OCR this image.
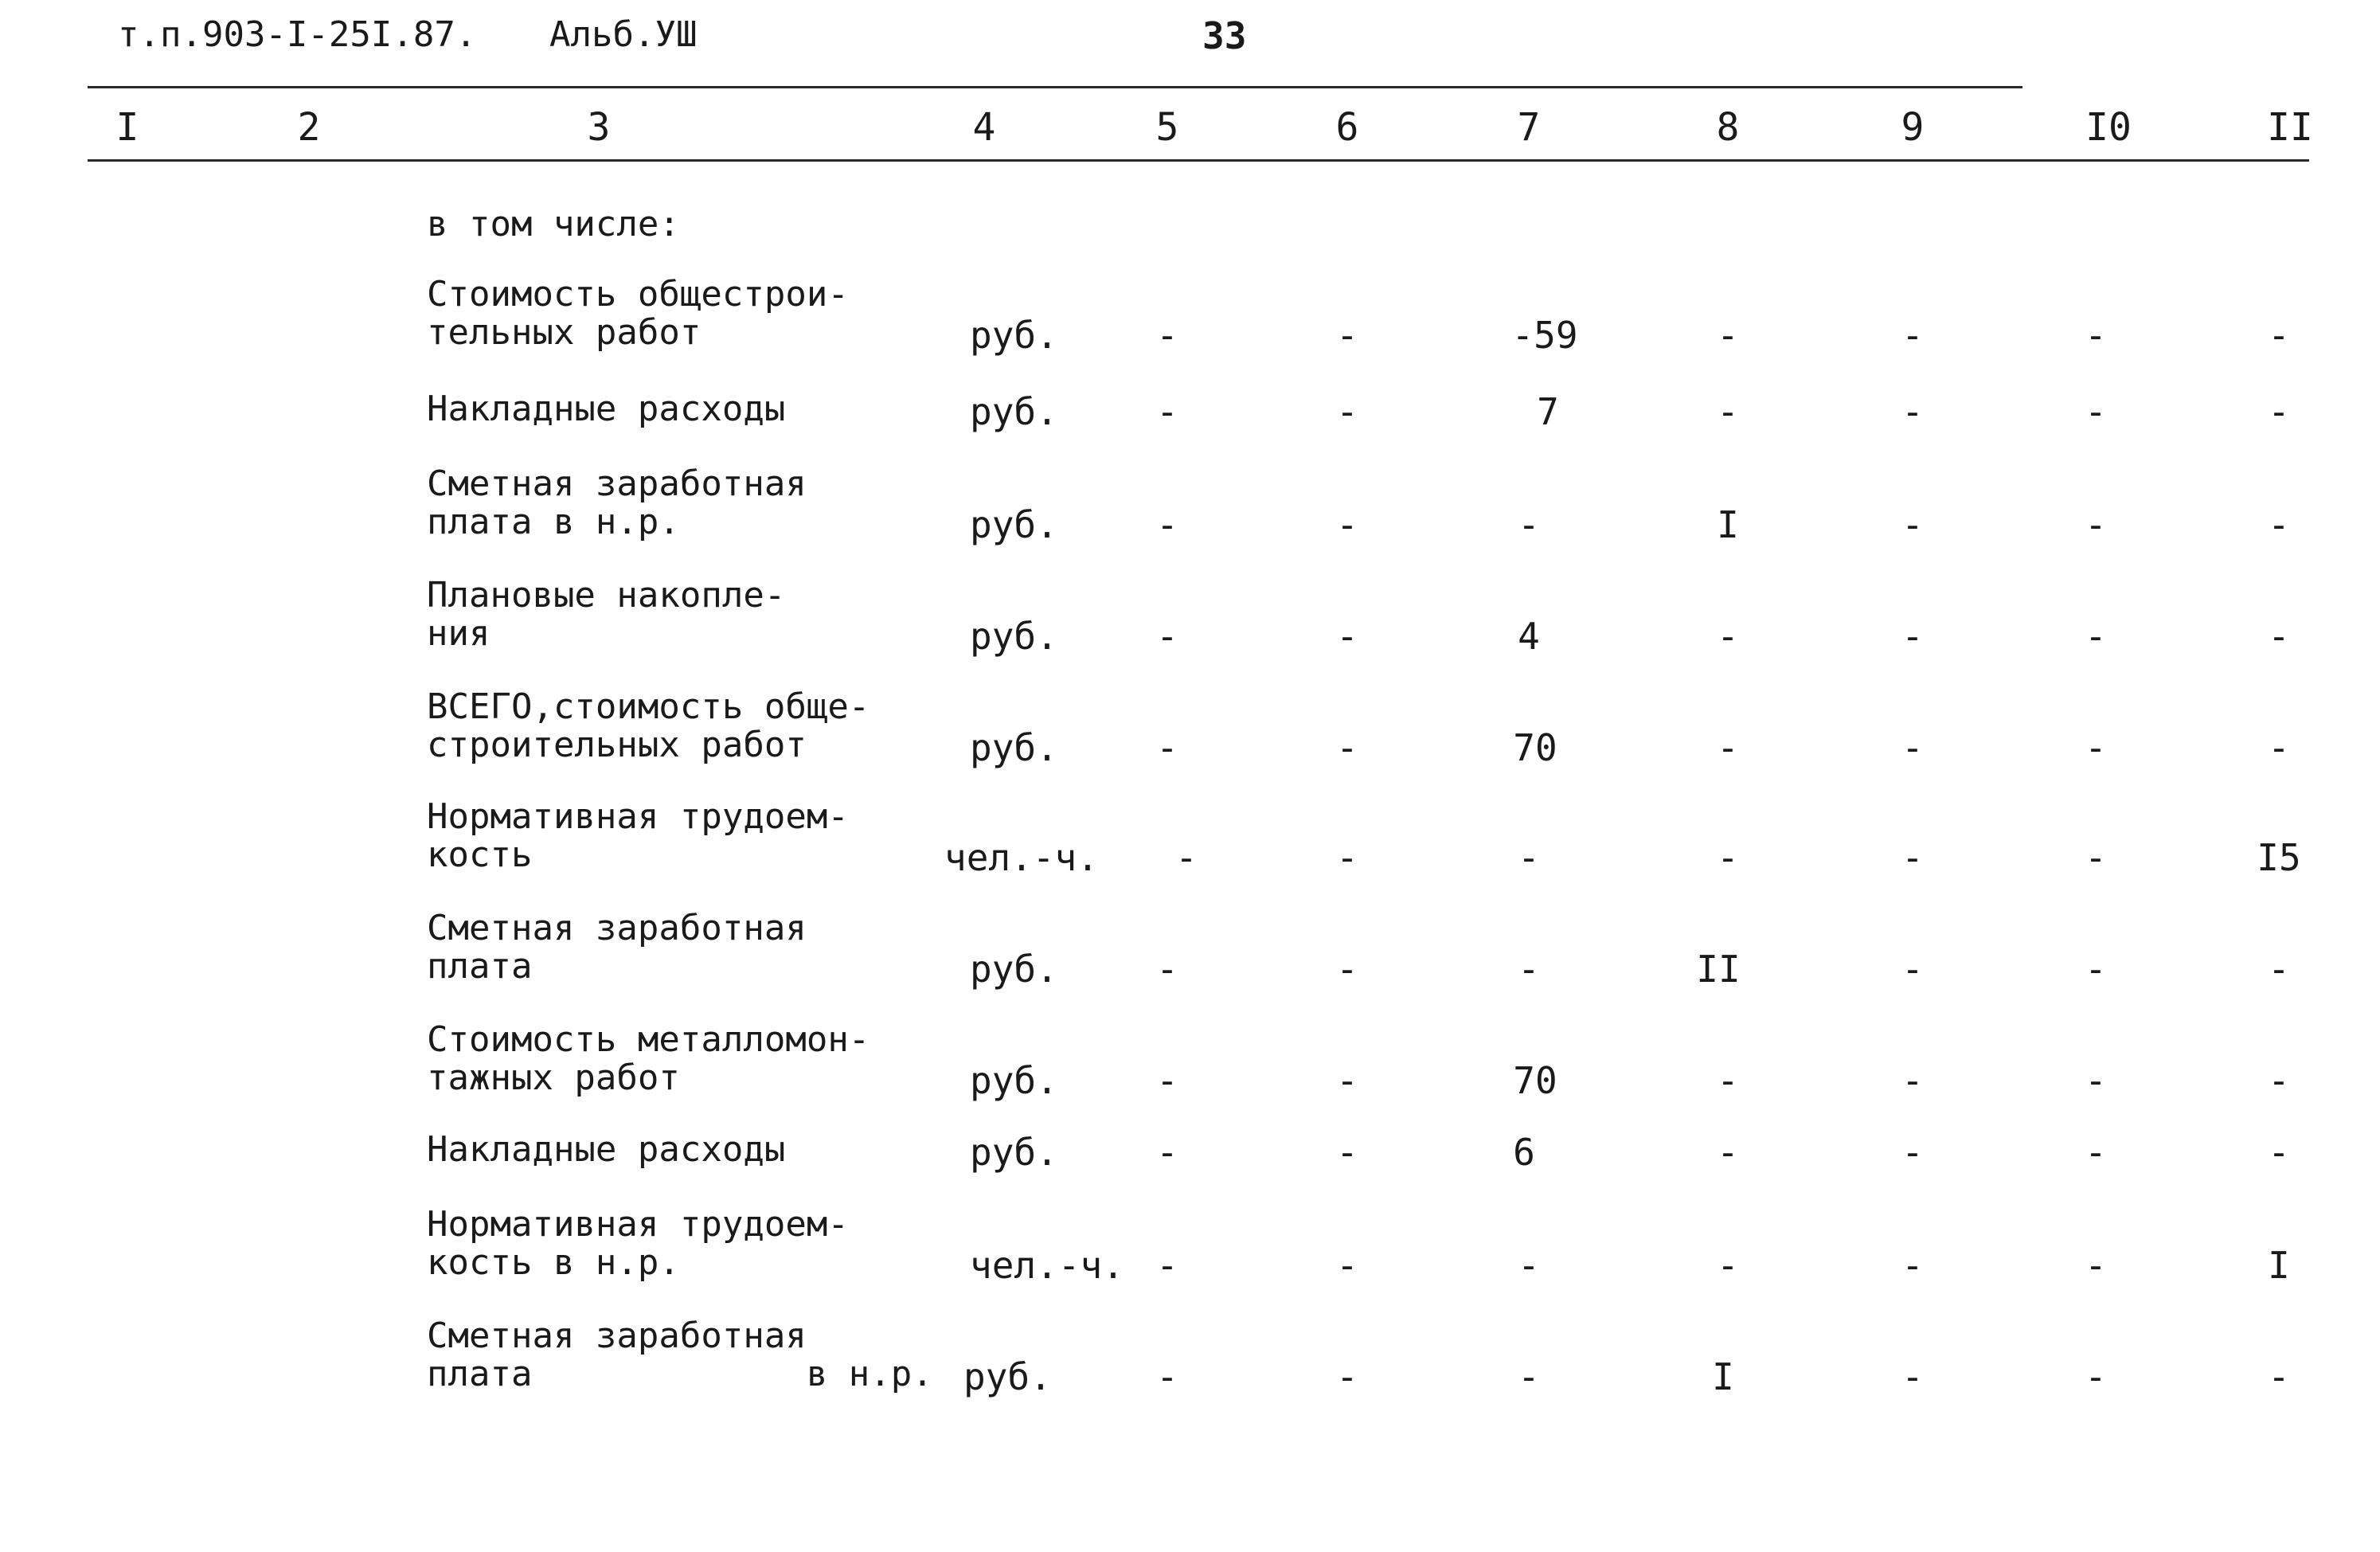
т.п.903-I-25I.87. Альб.УШ	33
I	2	3	4	5	6	7	8	9	I0	II
в том числе:
Стоимость общестрои-
тельных работ	руб.	-	-	-59	-	-	-	-
Накладные расходы	руб.	-	-	7	-	-	-	-
Сметная заработная
плата в н.р.	руб.	-	-	-	I	-	-	-
Плановые накопле-
ния	руб.	-	-	4	-	-	-	-
ВСЕГО,стоимость обще-
строительных работ	руб.	-	-	70	-	-	-	-
Нормативная трудоем-
кость	чел.-ч.	-	-	-	-	-	-	I5
Сметная заработная
плата	руб.	-	-	-	II	-	-	-
Стоимость металломон-
тажных работ	руб.	-	-	70	-	-	-	-
Накладные расходы	руб.	-	-	6	-	-	-	-
Нормативная трудоем-
кость в н.р.	чел.-ч. -	-	-	-	-	-	I
Сметная заработная
плата             в н.р. руб.	-	-	-	I	-	-	-
